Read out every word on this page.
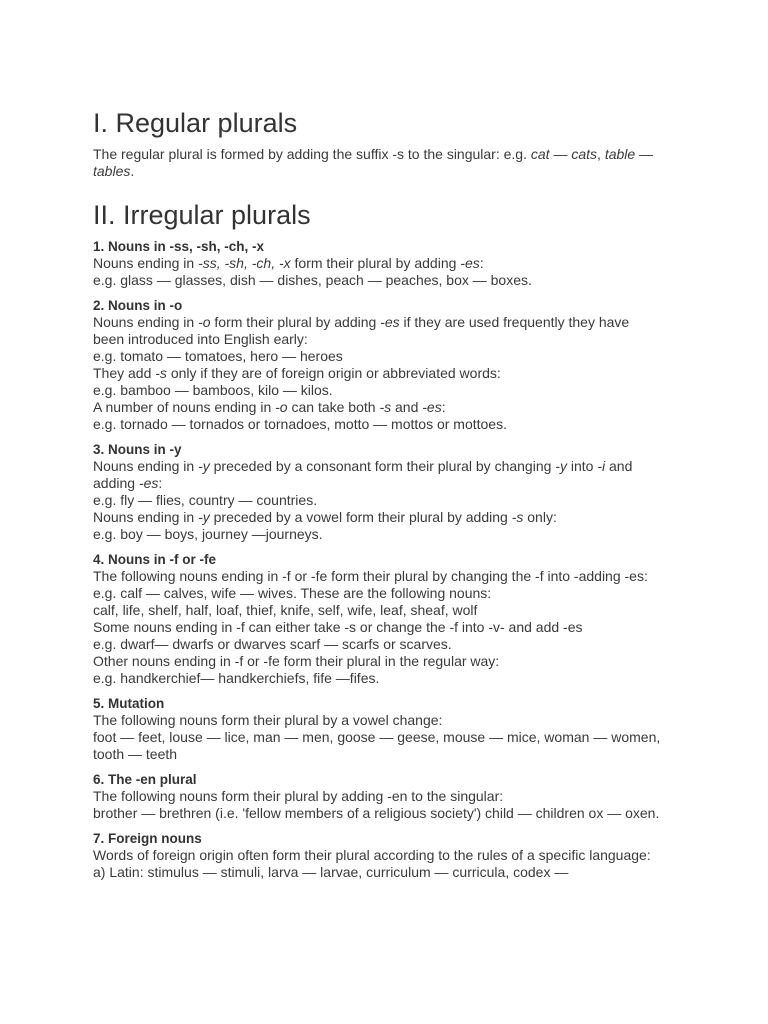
I. Regular plurals

The regular plural is formed by adding the suffix -s to the singular: e.g. cat — cats, table — tables.

II. Irregular plurals

1. Nouns in -ss, -sh, -ch, -x

Nouns ending in -ss, -sh, -ch, -x form their plural by adding -es:

e.g. glass — glasses, dish — dishes, peach — peaches, box — boxes.

2. Nouns in -o

Nouns ending in -o form their plural by adding -es if they are used frequently they have been introduced into English early:

e.g. tomato — tomatoes, hero — heroes

They add -s only if they are of foreign origin or abbreviated words:

e.g. bamboo — bamboos, kilo — kilos.

A number of nouns ending in -o can take both -s and -es:

e.g. tornado — tornados or tornadoes, motto — mottos or mottoes.

3. Nouns in -y

Nouns ending in -y preceded by a consonant form their plural by changing -y into -i and adding -es:

e.g. fly — flies, country — countries.

Nouns ending in -y preceded by a vowel form their plural by adding -s only:

e.g. boy — boys, journey —journeys.

4. Nouns in -f or -fe

The following nouns ending in -f or -fe form their plural by changing the -f into -adding -es:

e.g. calf — calves, wife — wives. These are the following nouns:

calf, life, shelf, half, loaf, thief, knife, self, wife, leaf, sheaf, wolf

Some nouns ending in -f can either take -s or change the -f into -v- and add -es

e.g. dwarf— dwarfs or dwarves scarf — scarfs or scarves.

Other nouns ending in -f or -fe form their plural in the regular way:

e.g. handkerchief— handkerchiefs, fife —fifes.

5. Mutation

The following nouns form their plural by a vowel change:

foot — feet, louse — lice, man — men, goose — geese, mouse — mice, woman — women, tooth — teeth

6. The -en plural

The following nouns form their plural by adding -en to the singular:

brother — brethren (i.e. 'fellow members of a religious society') child — children ox — oxen.

7. Foreign nouns

Words of foreign origin often form their plural according to the rules of a specific language:

a) Latin: stimulus — stimuli, larva — larvae, curriculum — curricula, codex —
